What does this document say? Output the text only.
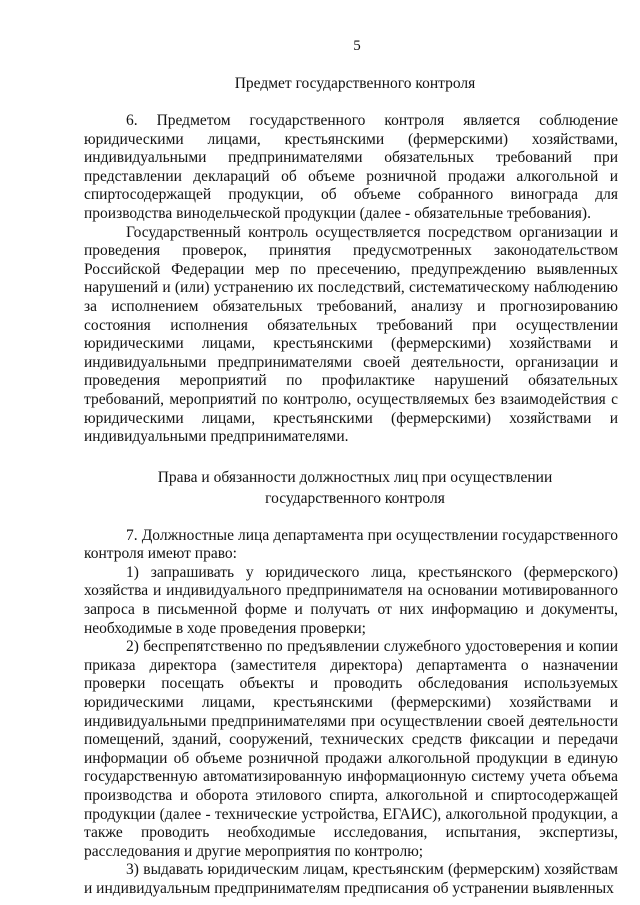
5
Предмет государственного контроля

6. Предметом государственного контроля является соблюдение юридическими лицами, крестьянскими (фермерскими) хозяйствами, индивидуальными предпринимателями обязательных требований при представлении деклараций об объеме розничной продажи алкогольной и спиртосодержащей продукции, об объеме собранного винограда для производства винодельческой продукции (далее - обязательные требования).

Государственный контроль осуществляется посредством организации и проведения проверок, принятия предусмотренных законодательством Российской Федерации мер по пресечению, предупреждению выявленных нарушений и (или) устранению их последствий, систематическому наблюдению за исполнением обязательных требований, анализу и прогнозированию состояния исполнения обязательных требований при осуществлении юридическими лицами, крестьянскими (фермерскими) хозяйствами и индивидуальными предпринимателями своей деятельности, организации и проведения мероприятий по профилактике нарушений обязательных требований, мероприятий по контролю, осуществляемых без взаимодействия с юридическими лицами, крестьянскими (фермерскими) хозяйствами и индивидуальными предпринимателями.

Права и обязанности должностных лиц при осуществлении
государственного контроля

7. Должностные лица департамента при осуществлении государственного контроля имеют право:

1) запрашивать у юридического лица, крестьянского (фермерского) хозяйства и индивидуального предпринимателя на основании мотивированного запроса в письменной форме и получать от них информацию и документы, необходимые в ходе проведения проверки;

2) беспрепятственно по предъявлении служебного удостоверения и копии приказа директора (заместителя директора) департамента о назначении проверки посещать объекты и проводить обследования используемых юридическими лицами, крестьянскими (фермерскими) хозяйствами и индивидуальными предпринимателями при осуществлении своей деятельности помещений, зданий, сооружений, технических средств фиксации и передачи информации об объеме розничной продажи алкогольной продукции в единую государственную автоматизированную информационную систему учета объема производства и оборота этилового спирта, алкогольной и спиртосодержащей продукции (далее - технические устройства, ЕГАИС), алкогольной продукции, а также проводить необходимые исследования, испытания, экспертизы, расследования и другие мероприятия по контролю;

3) выдавать юридическим лицам, крестьянским (фермерским) хозяйствам и индивидуальным предпринимателям предписания об устранении выявленных
